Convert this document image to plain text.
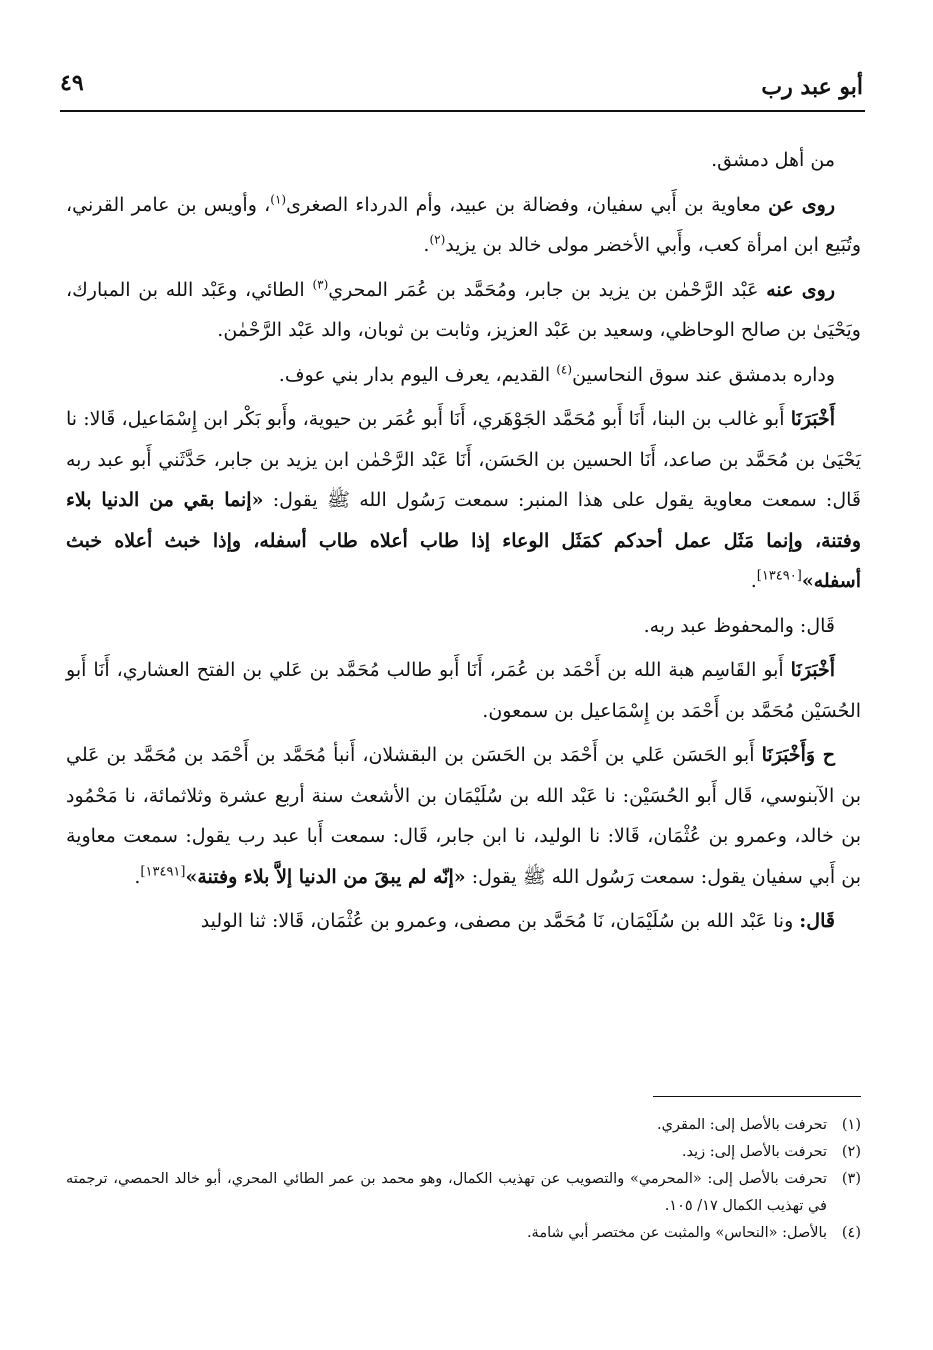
أبو عبد رب
٤٩

من أهل دمشق.

روى عن معاوية بن أَبي سفيان، وفضالة بن عبيد، وأم الدرداء الصغرى$^{(١)}$، وأويس بن عامر القرني، وتُبَيع ابن امرأة كعب، وأَبي الأخضر مولى خالد بن يزيد$^{(٢)}$.

روى عنه عَبْد الرَّحْمٰن بن يزيد بن جابر، ومُحَمَّد بن عُمَر المحري$^{(٣)}$ الطائي، وعَبْد الله بن المبارك، ويَحْيَىٰ بن صالح الوحاظي، وسعيد بن عَبْد العزيز، وثابت بن ثوبان، والد عَبْد الرَّحْمٰن.

وداره بدمشق عند سوق النحاسين$^{(٤)}$ القديم، يعرف اليوم بدار بني عوف.

أَخْبَرَنَا أَبو غالب بن البنا، أَنَا أَبو مُحَمَّد الجَوْهَري، أَنَا أَبو عُمَر بن حيوية، وأَبو بَكْر ابن إِسْمَاعيل، قَالا: نا يَحْيَىٰ بن مُحَمَّد بن صاعد، أَنَا الحسين بن الحَسَن، أَنَا عَبْد الرَّحْمٰن ابن يزيد بن جابر، حَدَّثَني أَبو عبد ربه قَال: سمعت معاوية يقول على هذا المنبر: سمعت رَسُول الله ﷺ يقول: «إنما بقي من الدنيا بلاء وفتنة، وإنما مَثَل عمل أحدكم كمَثَل الوعاء إذا طاب أعلاه طاب أسفله، وإذا خبث أعلاه خبث أسفله»[١٣٤٩٠].

قَال: والمحفوظ عبد ربه.

أَخْبَرَنَا أَبو القَاسِم هبة الله بن أَحْمَد بن عُمَر، أَنَا أَبو طالب مُحَمَّد بن عَلي بن الفتح العشاري، أَنَا أَبو الحُسَيْن مُحَمَّد بن أَحْمَد بن إِسْمَاعيل بن سمعون.

ح وَأَخْبَرَنَا أَبو الحَسَن عَلي بن أَحْمَد بن الحَسَن بن البقشلان، أَنبأ مُحَمَّد بن أَحْمَد بن مُحَمَّد بن عَلي بن الآبنوسي، قَال أَبو الحُسَيْن: نا عَبْد الله بن سُلَيْمَان بن الأشعث سنة أربع عشرة وثلاثمائة، نا مَحْمُود بن خالد، وعمرو بن عُثْمَان، قَالا: نا الوليد، نا ابن جابر، قَال: سمعت أَبا عبد رب يقول: سمعت معاوية بن أَبي سفيان يقول: سمعت رَسُول الله ﷺ يقول: «إنّه لم يبقَ من الدنيا إلاَّ بلاء وفتنة»[١٣٤٩١].

قَال: ونا عَبْد الله بن سُلَيْمَان، نَا مُحَمَّد بن مصفى، وعمرو بن عُثْمَان، قَالا: ثنا الوليد

(١)
تحرفت بالأصل إلى: المقري.
(٢)
تحرفت بالأصل إلى: زيد.
(٣)
تحرفت بالأصل إلى: «المحرمي» والتصويب عن تهذيب الكمال، وهو محمد بن عمر الطائي المحري، أبو خالد الحمصي، ترجمته في تهذيب الكمال ١٧/ ١٠٥.
(٤)
بالأصل: «النحاس» والمثبت عن مختصر أبي شامة.
